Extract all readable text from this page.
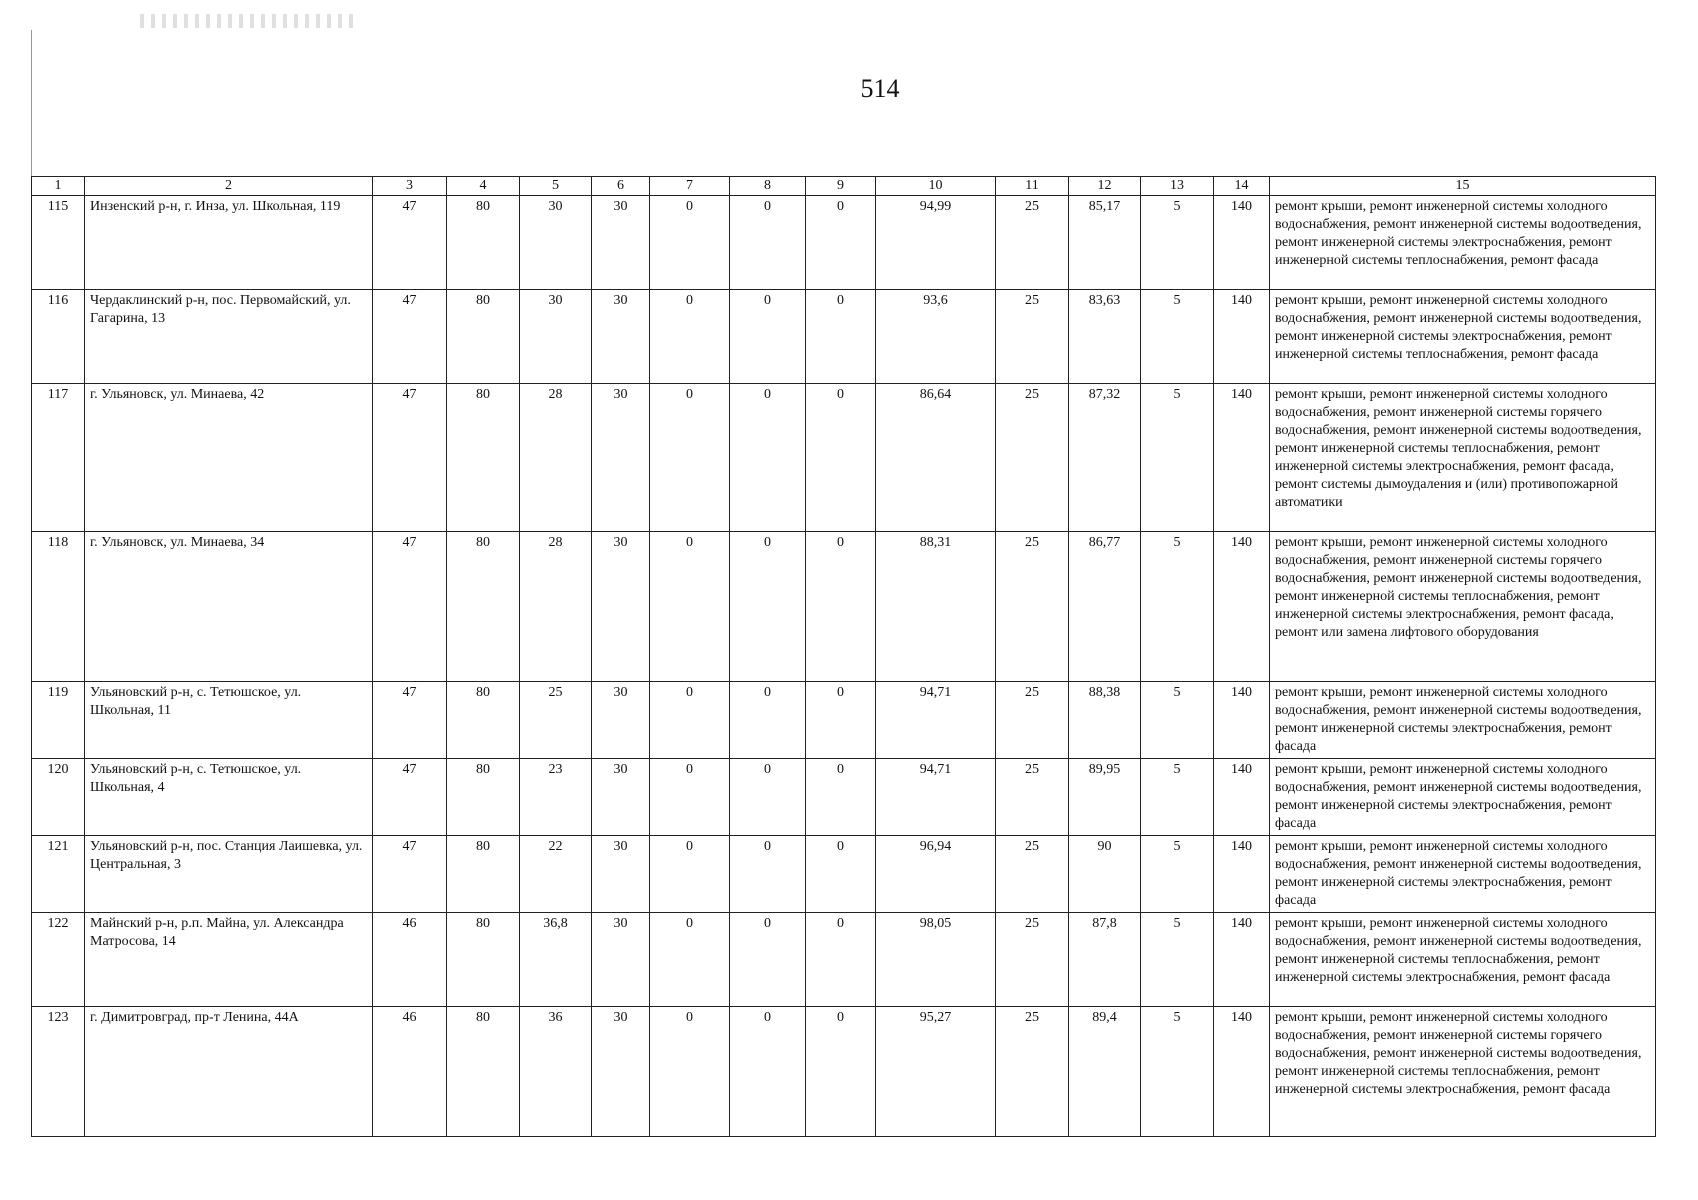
514
1	2	3	4	5	6	7	8	9	10	11	12	13	14	15
115	Инзенский р-н, г. Инза, ул. Школьная, 119	47	80	30	30	0	0	0	94,99	25	85,17	5	140	ремонт крыши, ремонт инженерной системы холодного водоснабжения, ремонт инженерной системы водоотведения, ремонт инженерной системы электроснабжения, ремонт инженерной системы теплоснабжения, ремонт фасада
116	Чердаклинский р-н, пос. Первомайский, ул. Гагарина, 13	47	80	30	30	0	0	0	93,6	25	83,63	5	140	ремонт крыши, ремонт инженерной системы холодного водоснабжения, ремонт инженерной системы водоотведения, ремонт инженерной системы электроснабжения, ремонт инженерной системы теплоснабжения, ремонт фасада
117	г. Ульяновск, ул. Минаева, 42	47	80	28	30	0	0	0	86,64	25	87,32	5	140	ремонт крыши, ремонт инженерной системы холодного водоснабжения, ремонт инженерной системы горячего водоснабжения, ремонт инженерной системы водоотведения, ремонт инженерной системы теплоснабжения, ремонт инженерной системы электроснабжения, ремонт фасада, ремонт системы дымоудаления и (или) противопожарной автоматики
118	г. Ульяновск, ул. Минаева, 34	47	80	28	30	0	0	0	88,31	25	86,77	5	140	ремонт крыши, ремонт инженерной системы холодного водоснабжения, ремонт инженерной системы горячего водоснабжения, ремонт инженерной системы водоотведения, ремонт инженерной системы теплоснабжения, ремонт инженерной системы электроснабжения, ремонт фасада, ремонт или замена лифтового оборудования
119	Ульяновский р-н, с. Тетюшское, ул. Школьная, 11	47	80	25	30	0	0	0	94,71	25	88,38	5	140	ремонт крыши, ремонт инженерной системы холодного водоснабжения, ремонт инженерной системы водоотведения, ремонт инженерной системы электроснабжения, ремонт фасада
120	Ульяновский р-н, с. Тетюшское, ул. Школьная, 4	47	80	23	30	0	0	0	94,71	25	89,95	5	140	ремонт крыши, ремонт инженерной системы холодного водоснабжения, ремонт инженерной системы водоотведения, ремонт инженерной системы электроснабжения, ремонт фасада
121	Ульяновский р-н, пос. Станция Лаишевка, ул. Центральная, 3	47	80	22	30	0	0	0	96,94	25	90	5	140	ремонт крыши, ремонт инженерной системы холодного водоснабжения, ремонт инженерной системы водоотведения, ремонт инженерной системы электроснабжения, ремонт фасада
122	Майнский р-н, р.п. Майна, ул. Александра Матросова, 14	46	80	36,8	30	0	0	0	98,05	25	87,8	5	140	ремонт крыши, ремонт инженерной системы холодного водоснабжения, ремонт инженерной системы водоотведения, ремонт инженерной системы теплоснабжения, ремонт инженерной системы электроснабжения, ремонт фасада
123	г. Димитровград, пр-т Ленина, 44А	46	80	36	30	0	0	0	95,27	25	89,4	5	140	ремонт крыши, ремонт инженерной системы холодного водоснабжения, ремонт инженерной системы горячего водоснабжения, ремонт инженерной системы водоотведения, ремонт инженерной системы теплоснабжения, ремонт инженерной системы электроснабжения, ремонт фасада
